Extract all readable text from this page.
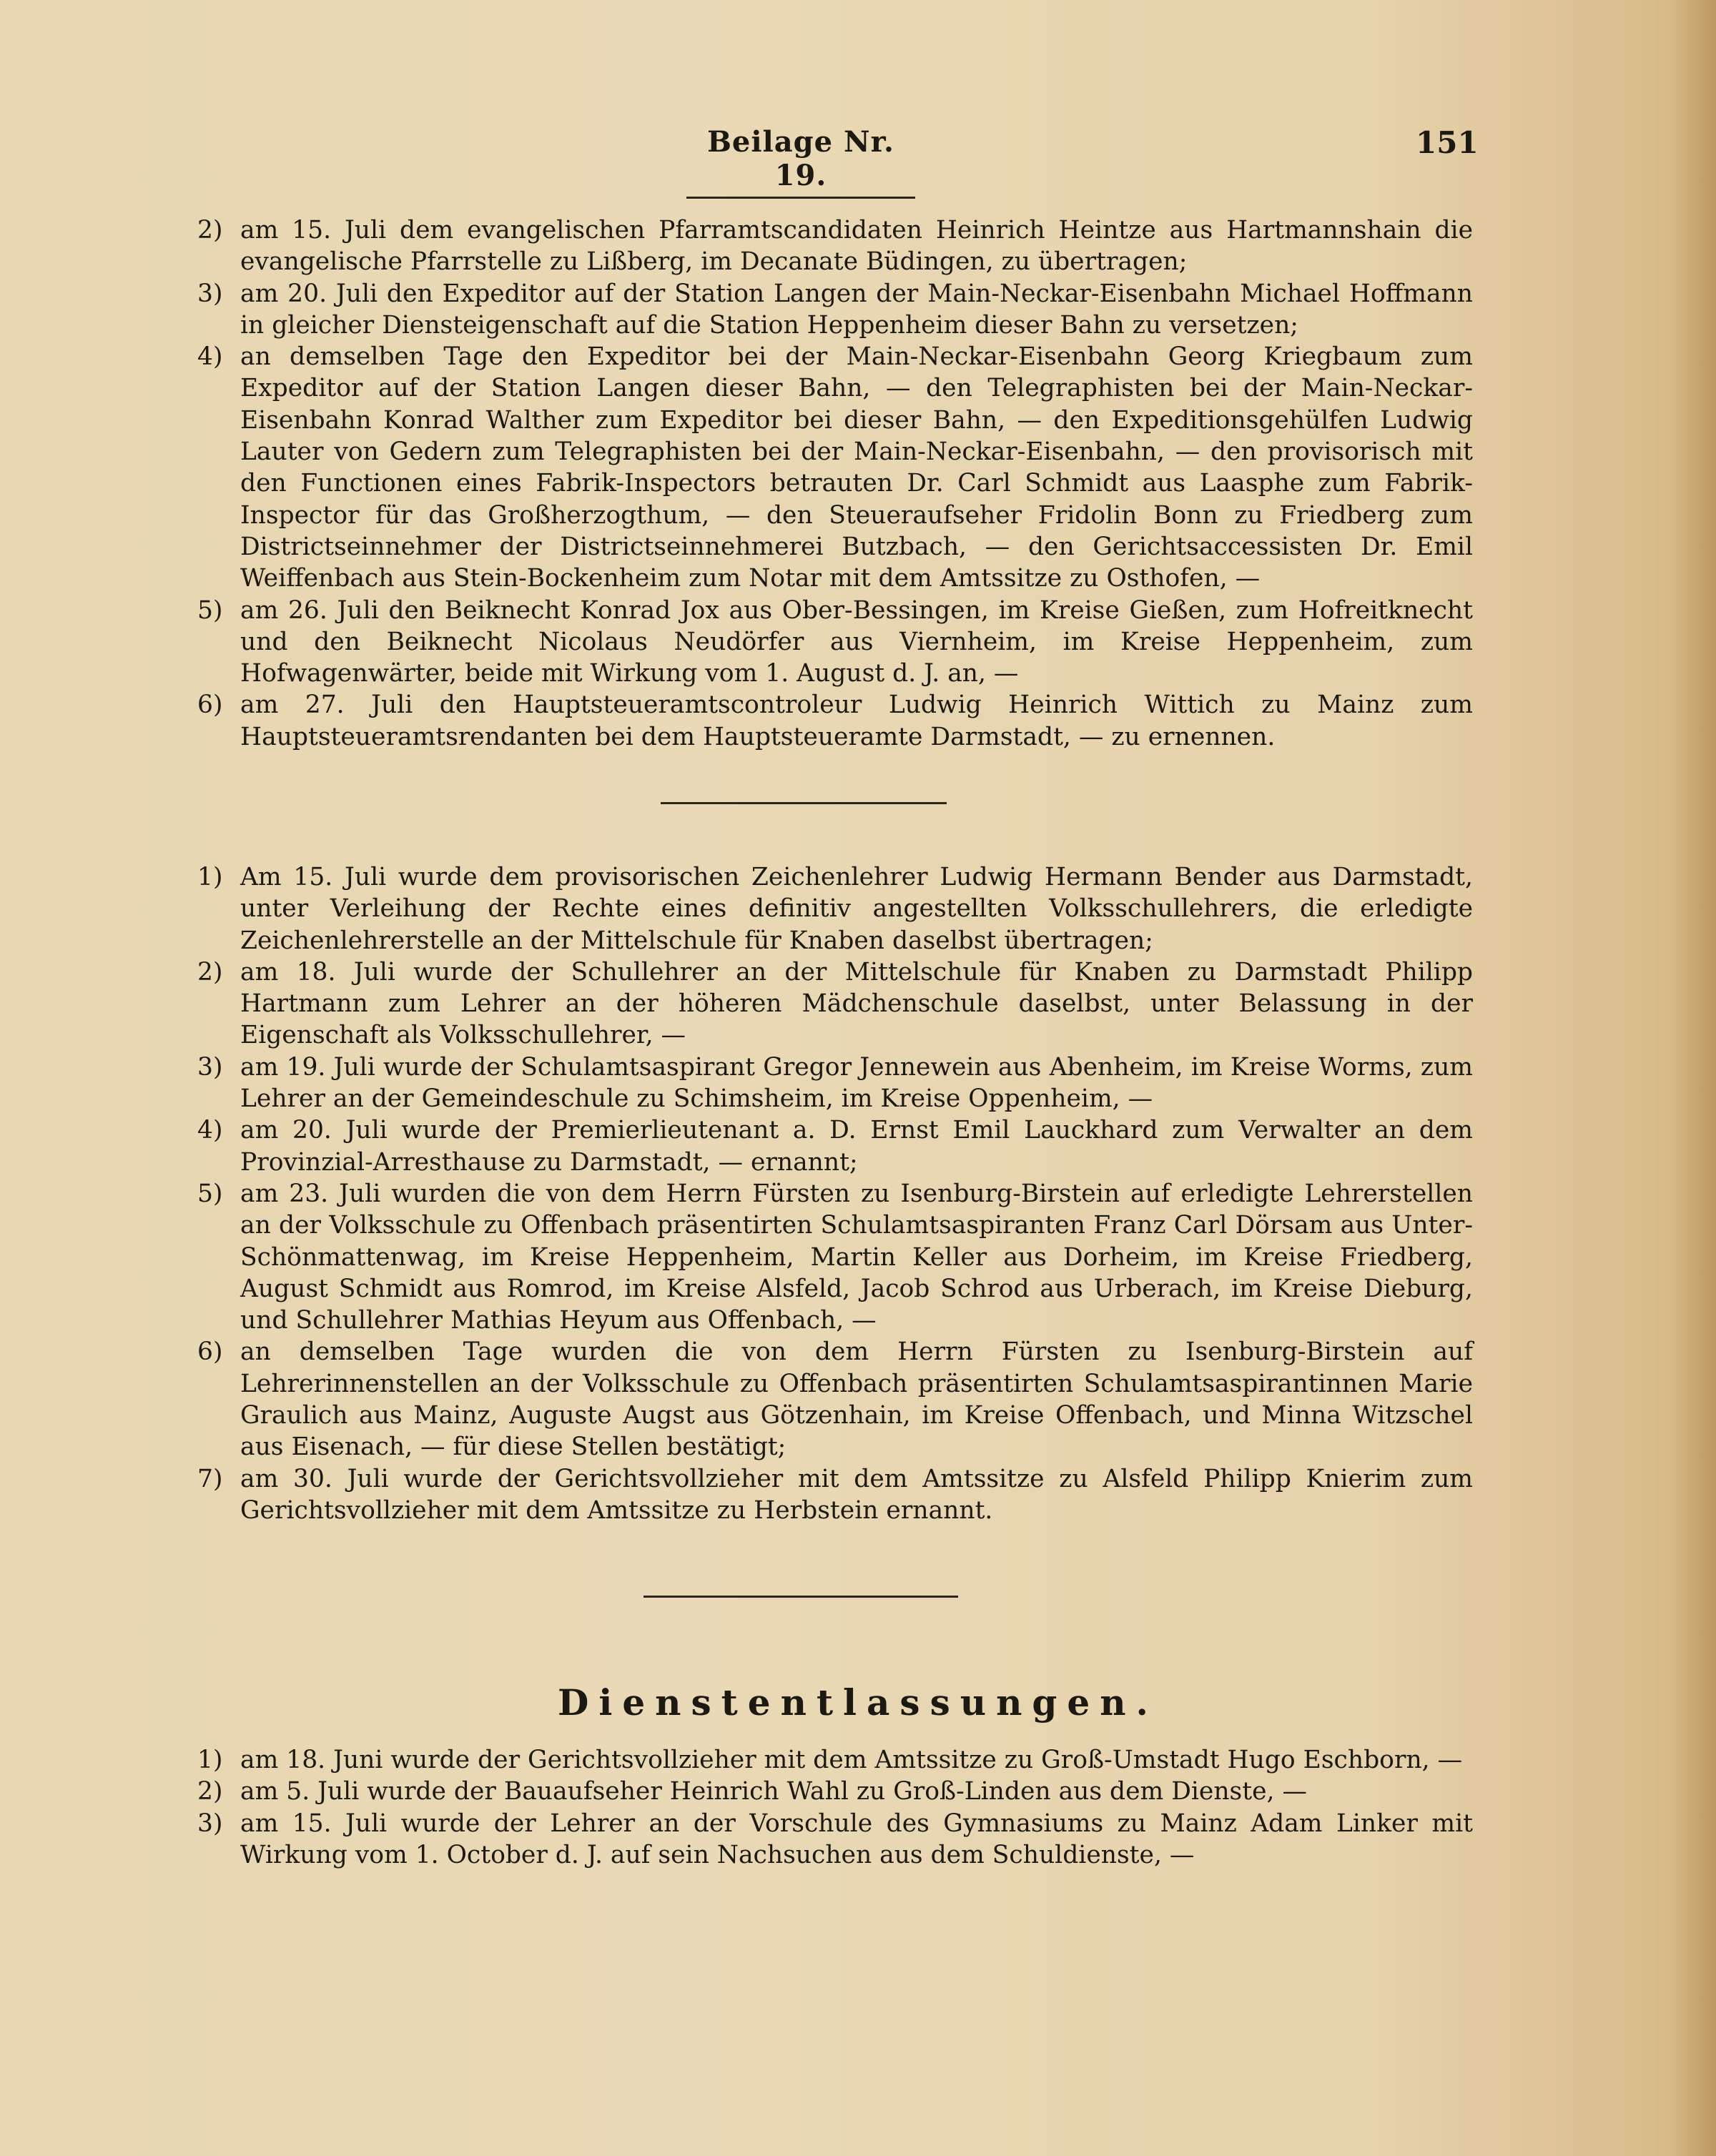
Beilage Nr. 19.
151
2) am 15. Juli dem evangelischen Pfarramtscandidaten Heinrich Heintze aus Hartmannshain die evangelische Pfarrstelle zu Lißberg, im Decanate Büdingen, zu übertragen;
3) am 20. Juli den Expeditor auf der Station Langen der Main-Neckar-Eisenbahn Michael Hoffmann in gleicher Diensteigenschaft auf die Station Heppenheim dieser Bahn zu versetzen;
4) an demselben Tage den Expeditor bei der Main-Neckar-Eisenbahn Georg Kriegbaum zum Expeditor auf der Station Langen dieser Bahn, — den Telegraphisten bei der Main-Neckar-Eisenbahn Konrad Walther zum Expeditor bei dieser Bahn, — den Expeditionsgehülfen Ludwig Lauter von Gedern zum Telegraphisten bei der Main-Neckar-Eisenbahn, — den provisorisch mit den Functionen eines Fabrik-Inspectors betrauten Dr. Carl Schmidt aus Laasphe zum Fabrik-Inspector für das Großherzogthum, — den Steueraufseher Fridolin Bonn zu Friedberg zum Districtseinnehmer der Districtseinnehmerei Butzbach, — den Gerichtsaccessisten Dr. Emil Weiffenbach aus Stein-Bockenheim zum Notar mit dem Amtssitze zu Osthofen, —
5) am 26. Juli den Beiknecht Konrad Jox aus Ober-Bessingen, im Kreise Gießen, zum Hofreitknecht und den Beiknecht Nicolaus Neudörfer aus Viernheim, im Kreise Heppenheim, zum Hofwagenwärter, beide mit Wirkung vom 1. August d. J. an, —
6) am 27. Juli den Hauptsteueramtscontroleur Ludwig Heinrich Wittich zu Mainz zum Hauptsteueramtsrendanten bei dem Hauptsteueramte Darmstadt, — zu ernennen.
1) Am 15. Juli wurde dem provisorischen Zeichenlehrer Ludwig Hermann Bender aus Darmstadt, unter Verleihung der Rechte eines definitiv angestellten Volksschullehrers, die erledigte Zeichenlehrerstelle an der Mittelschule für Knaben daselbst übertragen;
2) am 18. Juli wurde der Schullehrer an der Mittelschule für Knaben zu Darmstadt Philipp Hartmann zum Lehrer an der höheren Mädchenschule daselbst, unter Belassung in der Eigenschaft als Volksschullehrer, —
3) am 19. Juli wurde der Schulamtsaspirant Gregor Jennewein aus Abenheim, im Kreise Worms, zum Lehrer an der Gemeindeschule zu Schimsheim, im Kreise Oppenheim, —
4) am 20. Juli wurde der Premierlieutenant a. D. Ernst Emil Lauckhard zum Verwalter an dem Provinzial-Arresthause zu Darmstadt, — ernannt;
5) am 23. Juli wurden die von dem Herrn Fürsten zu Isenburg-Birstein auf erledigte Lehrerstellen an der Volksschule zu Offenbach präsentirten Schulamtsaspiranten Franz Carl Dörsam aus Unter-Schönmattenwag, im Kreise Heppenheim, Martin Keller aus Dorheim, im Kreise Friedberg, August Schmidt aus Romrod, im Kreise Alsfeld, Jacob Schrod aus Urberach, im Kreise Dieburg, und Schullehrer Mathias Heyum aus Offenbach, —
6) an demselben Tage wurden die von dem Herrn Fürsten zu Isenburg-Birstein auf Lehrerinnenstellen an der Volksschule zu Offenbach präsentirten Schulamtsaspirantinnen Marie Graulich aus Mainz, Auguste Augst aus Götzenhain, im Kreise Offenbach, und Minna Witzschel aus Eisenach, — für diese Stellen bestätigt;
7) am 30. Juli wurde der Gerichtsvollzieher mit dem Amtssitze zu Alsfeld Philipp Knierim zum Gerichtsvollzieher mit dem Amtssitze zu Herbstein ernannt.
Dienstentlassungen.
1) am 18. Juni wurde der Gerichtsvollzieher mit dem Amtssitze zu Groß-Umstadt Hugo Eschborn, —
2) am 5. Juli wurde der Bauaufseher Heinrich Wahl zu Groß-Linden aus dem Dienste, —
3) am 15. Juli wurde der Lehrer an der Vorschule des Gymnasiums zu Mainz Adam Linker mit Wirkung vom 1. October d. J. auf sein Nachsuchen aus dem Schuldienste, —
